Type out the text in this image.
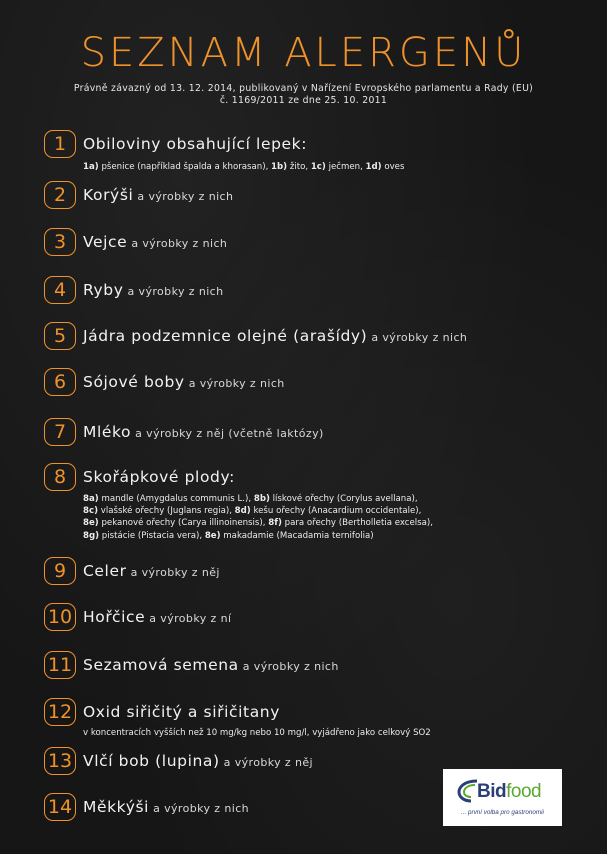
SEZNAM ALERGENŮ
Právně závazný od 13. 12. 2014, publikovaný v Nařízení Evropského parlamentu a Rady (EU)
č. 1169/2011 ze dne 25. 10. 2011
1	Obiloviny obsahující lepek:
1a) pšenice (například špalda a khorasan), 1b) žito, 1c) ječmen, 1d) oves
2	Korýši a výrobky z nich
3	Vejce a výrobky z nich
4	Ryby a výrobky z nich
5	Jádra podzemnice olejné (arašídy) a výrobky z nich
6	Sójové boby a výrobky z nich
7	Mléko a výrobky z něj (včetně laktózy)
8	Skořápkové plody:
8a) mandle (Amygdalus communis L.), 8b) lískové ořechy (Corylus avellana),
8c) vlašské ořechy (Juglans regia), 8d) kešu ořechy (Anacardium occidentale),
8e) pekanové ořechy (Carya illinoinensis), 8f) para ořechy (Bertholletia excelsa),
8g) pistácie (Pistacia vera), 8e) makadamie (Macadamia ternifolia)
9	Celer a výrobky z něj
10 Hořčice a výrobky z ní
11 Sezamová semena a výrobky z nich
12 Oxid siřičitý a siřičitany
v koncentracích vyšších než 10 mg/kg nebo 10 mg/l, vyjádřeno jako celkový SO2
13 Vlčí bob (lupina) a výrobky z něj
14 Měkkýši a výrobky z nich
Bidfood
... první volba pro gastronomii
